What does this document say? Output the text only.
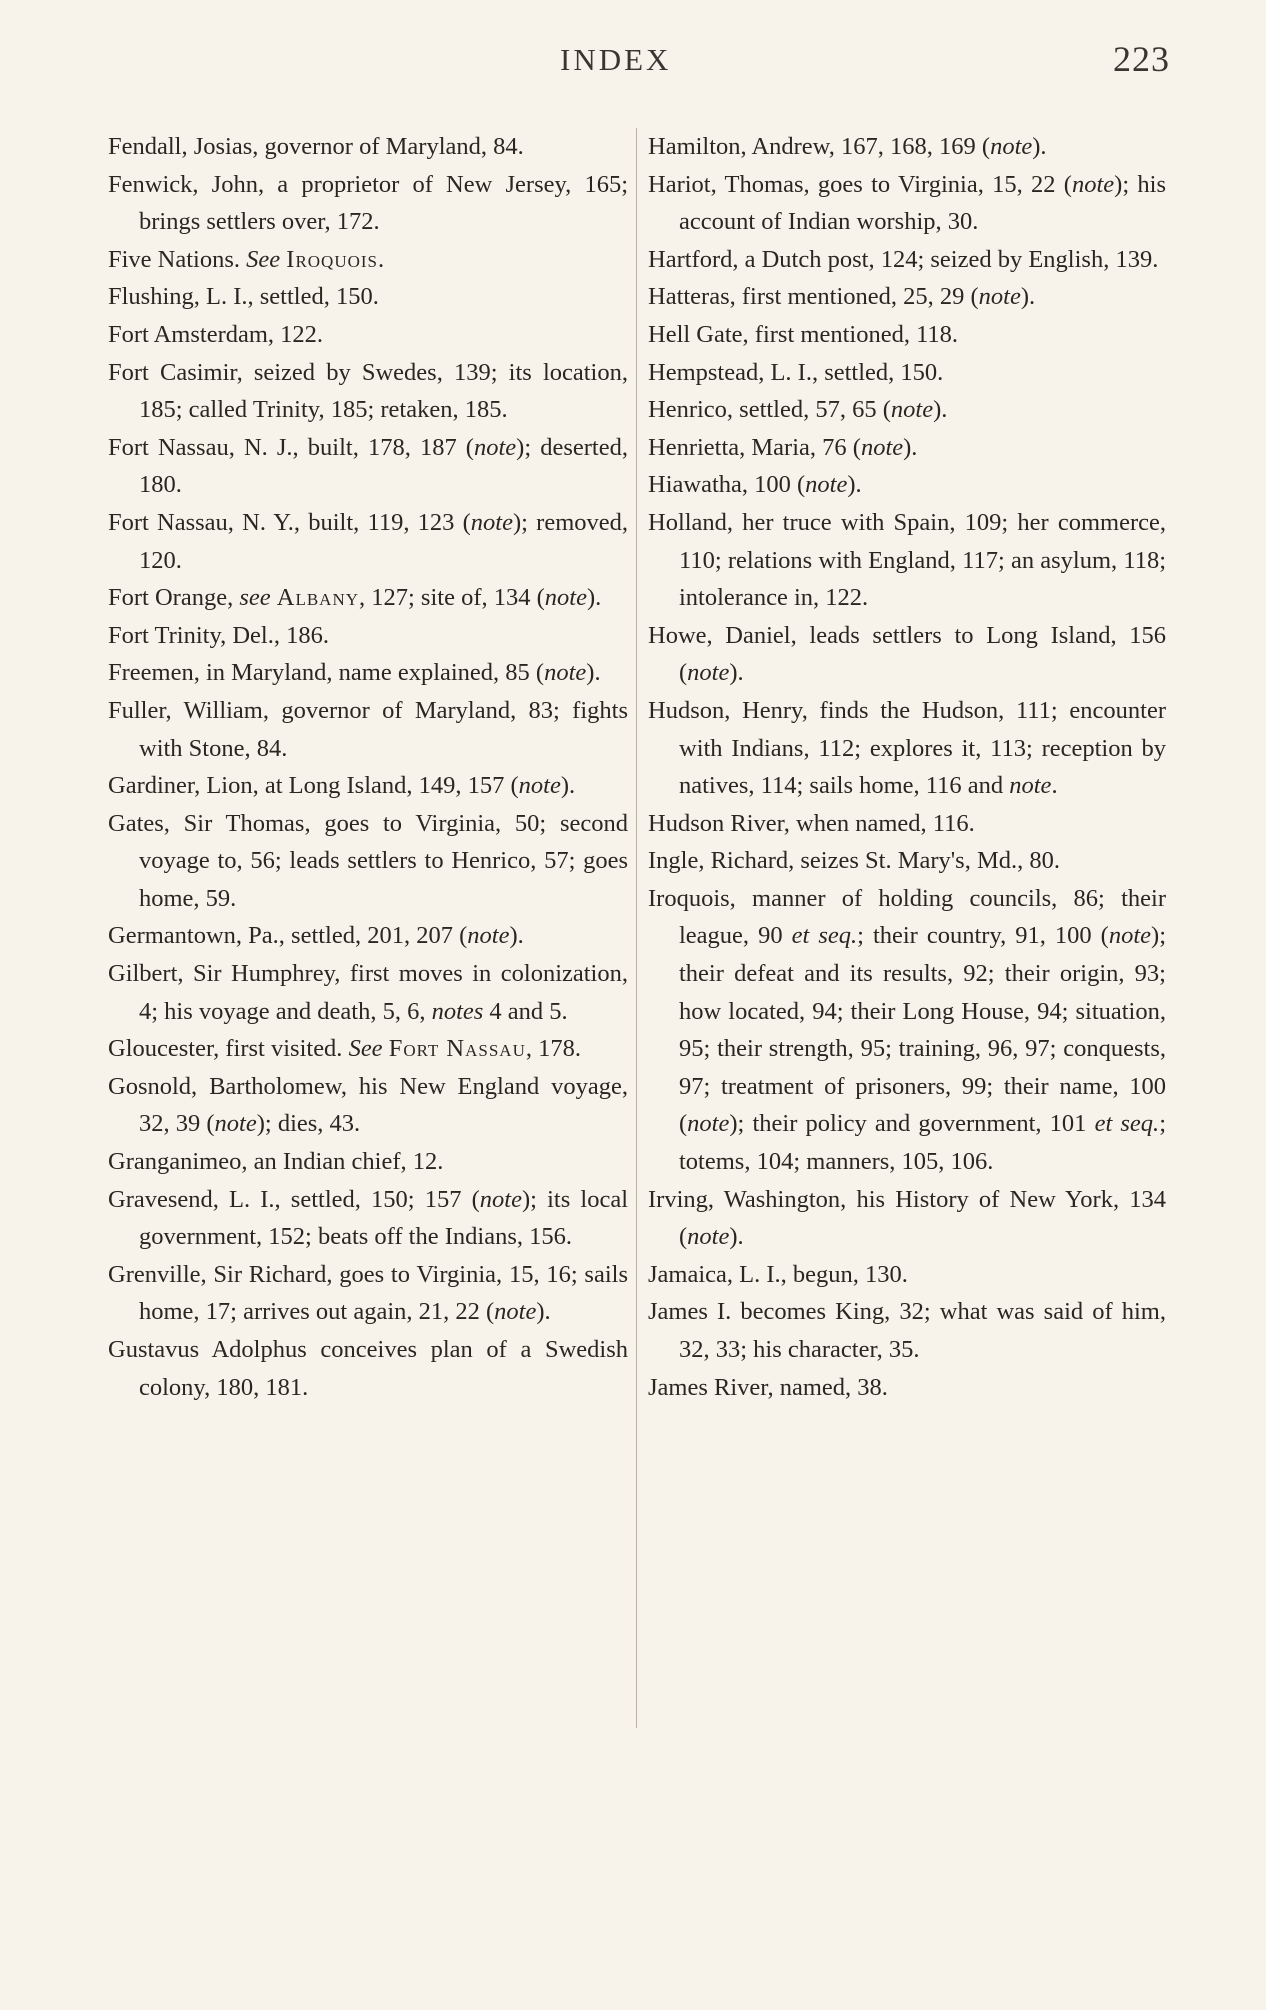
INDEX	223

Fendall, Josias, governor of Maryland, 84.

Fenwick, John, a proprietor of New Jersey, 165; brings settlers over, 172.

Five Nations. See Iroquois.

Flushing, L. I., settled, 150.

Fort Amsterdam, 122.

Fort Casimir, seized by Swedes, 139; its location, 185; called Trinity, 185; retaken, 185.

Fort Nassau, N. J., built, 178, 187 (note); deserted, 180.

Fort Nassau, N. Y., built, 119, 123 (note); removed, 120.

Fort Orange, see Albany, 127; site of, 134 (note).

Fort Trinity, Del., 186.

Freemen, in Maryland, name explained, 85 (note).

Fuller, William, governor of Maryland, 83; fights with Stone, 84.

Gardiner, Lion, at Long Island, 149, 157 (note).

Gates, Sir Thomas, goes to Virginia, 50; second voyage to, 56; leads settlers to Henrico, 57; goes home, 59.

Germantown, Pa., settled, 201, 207 (note).

Gilbert, Sir Humphrey, first moves in colonization, 4; his voyage and death, 5, 6, notes 4 and 5.

Gloucester, first visited. See Fort Nassau, 178.

Gosnold, Bartholomew, his New England voyage, 32, 39 (note); dies, 43.

Granganimeo, an Indian chief, 12.

Gravesend, L. I., settled, 150; 157 (note); its local government, 152; beats off the Indians, 156.

Grenville, Sir Richard, goes to Virginia, 15, 16; sails home, 17; arrives out again, 21, 22 (note).

Gustavus Adolphus conceives plan of a Swedish colony, 180, 181.

Hamilton, Andrew, 167, 168, 169 (note).

Hariot, Thomas, goes to Virginia, 15, 22 (note); his account of Indian worship, 30.

Hartford, a Dutch post, 124; seized by English, 139.

Hatteras, first mentioned, 25, 29 (note).

Hell Gate, first mentioned, 118.

Hempstead, L. I., settled, 150.

Henrico, settled, 57, 65 (note).

Henrietta, Maria, 76 (note).

Hiawatha, 100 (note).

Holland, her truce with Spain, 109; her commerce, 110; relations with England, 117; an asylum, 118; intolerance in, 122.

Howe, Daniel, leads settlers to Long Island, 156 (note).

Hudson, Henry, finds the Hudson, 111; encounter with Indians, 112; explores it, 113; reception by natives, 114; sails home, 116 and note.

Hudson River, when named, 116.

Ingle, Richard, seizes St. Mary's, Md., 80.

Iroquois, manner of holding councils, 86; their league, 90 et seq.; their country, 91, 100 (note); their defeat and its results, 92; their origin, 93; how located, 94; their Long House, 94; situation, 95; their strength, 95; training, 96, 97; conquests, 97; treatment of prisoners, 99; their name, 100 (note); their policy and government, 101 et seq.; totems, 104; manners, 105, 106.

Irving, Washington, his History of New York, 134 (note).

Jamaica, L. I., begun, 130.

James I. becomes King, 32; what was said of him, 32, 33; his character, 35.

James River, named, 38.
